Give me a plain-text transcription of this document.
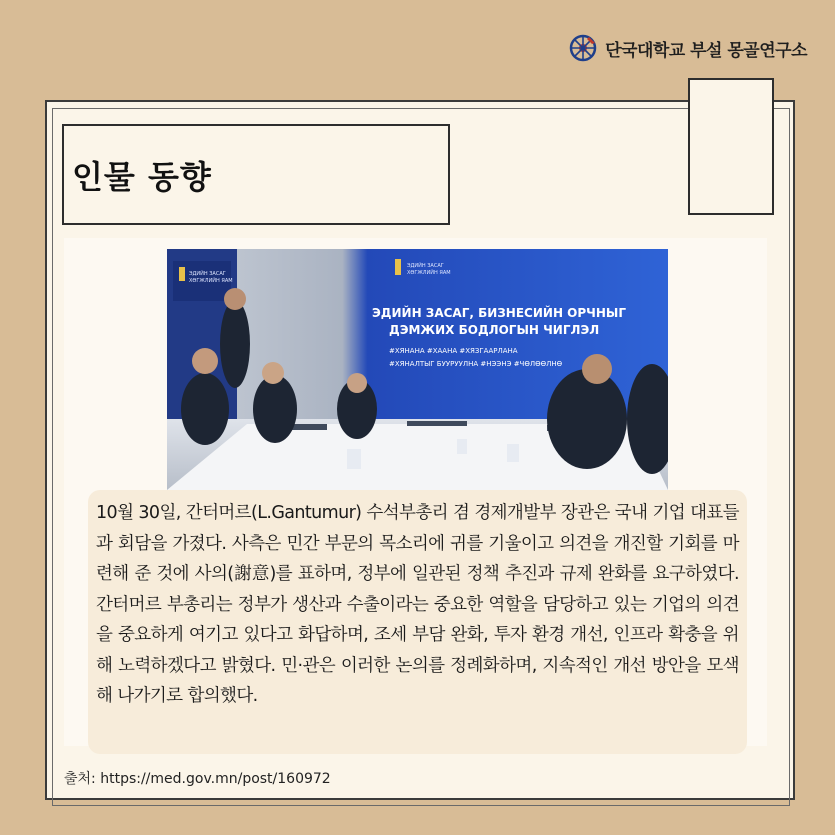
단국대학교 부설 몽골연구소
인물 동향
ЭДИЙН ЗАСАГ
ХӨГЖЛИЙН ЯАМ
ЭДИЙН ЗАСАГ
ХӨГЖЛИЙН ЯАМ
ЭДИЙН ЗАСАГ, БИЗНЕСИЙН ОРЧНЫГ
ДЭМЖИХ БОДЛОГЫН ЧИГЛЭЛ
#ХЯНАНА #ХААНА #ХЯЗГААРЛАНА
#ХЯНАЛТЫГ БУУРУУЛНА #НЭЭНЭ #ЧӨЛӨӨЛНӨ

10월 30일, 간터머르(L.Gantumur) 수석부총리 겸 경제개발부 장관은 국내 기업 대표들과 회담을 가졌다. 사측은 민간 부문의 목소리에 귀를 기울이고 의견을 개진할 기회를 마련해 준 것에 사의(謝意)를 표하며, 정부에 일관된 정책 추진과 규제 완화를 요구하였다. 간터머르 부총리는 정부가 생산과 수출이라는 중요한 역할을 담당하고 있는 기업의 의견을 중요하게 여기고 있다고 화답하며, 조세 부담 완화, 투자 환경 개선, 인프라 확충을 위해 노력하겠다고 밝혔다. 민·관은 이러한 논의를 정례화하며, 지속적인 개선 방안을 모색해 나가기로 합의했다.

출처: https://med.gov.mn/post/160972
